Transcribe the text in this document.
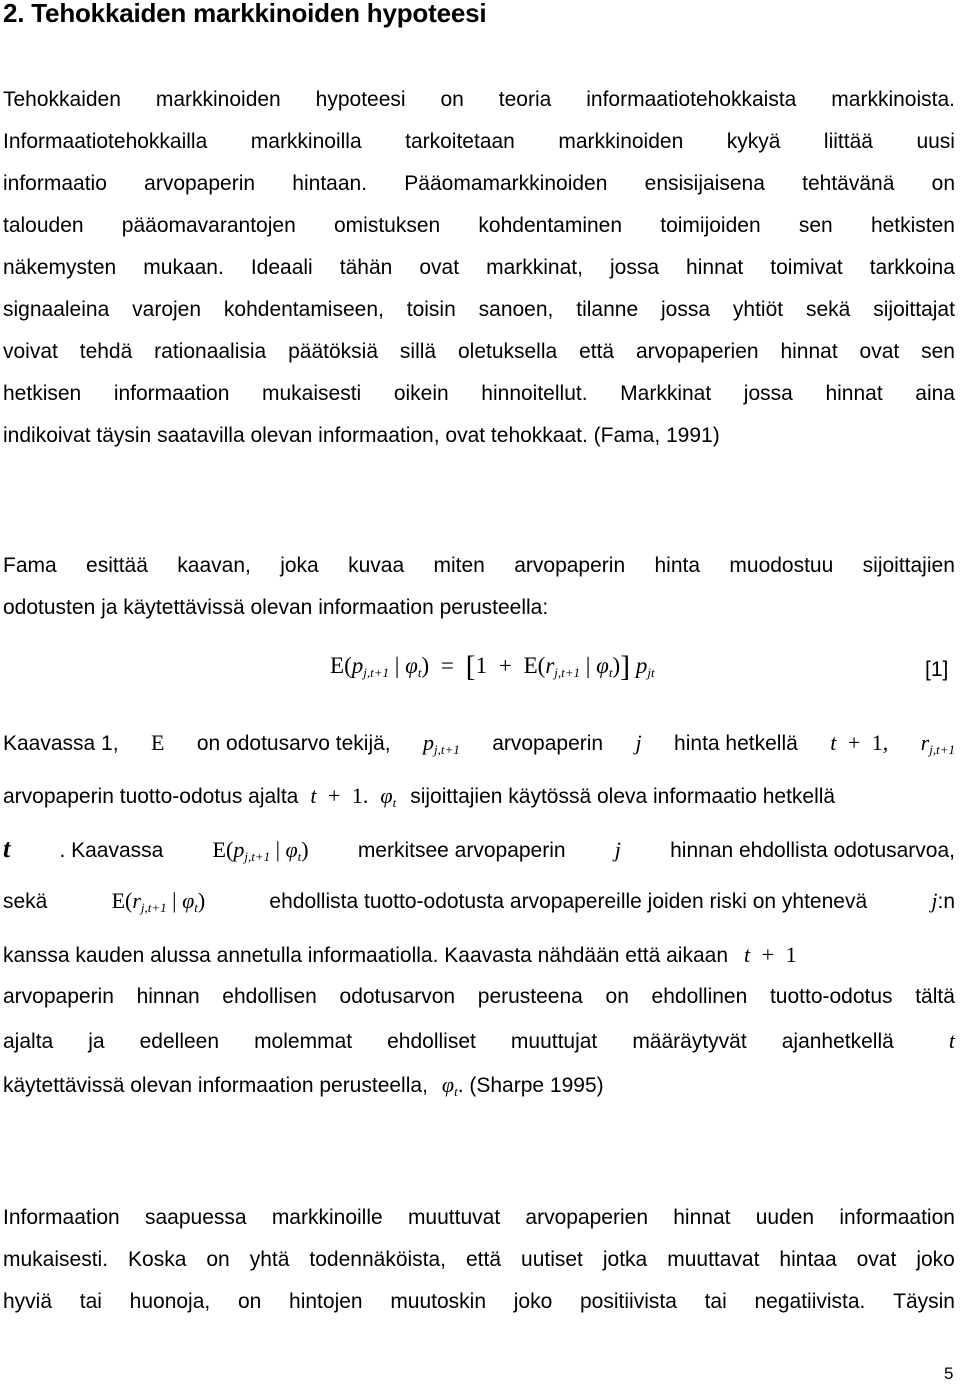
2. Tehokkaiden markkinoiden hypoteesi
Tehokkaiden markkinoiden hypoteesi on teoria informaatiotehokkaista markkinoista.
Informaatiotehokkailla markkinoilla tarkoitetaan markkinoiden kykyä liittää uusi
informaatio arvopaperin hintaan. Pääomamarkkinoiden ensisijaisena tehtävänä on
talouden pääomavarantojen omistuksen kohdentaminen toimijoiden sen hetkisten
näkemysten mukaan. Ideaali tähän ovat markkinat, jossa hinnat toimivat tarkkoina
signaaleina varojen kohdentamiseen, toisin sanoen, tilanne jossa yhtiöt sekä sijoittajat
voivat tehdä rationaalisia päätöksiä sillä oletuksella että arvopaperien hinnat ovat sen
hetkisen informaation mukaisesti oikein hinnoitellut. Markkinat jossa hinnat aina
indikoivat täysin saatavilla olevan informaation, ovat tehokkaat. (Fama, 1991)
Fama esittää kaavan, joka kuvaa miten arvopaperin hinta muodostuu sijoittajien
odotusten ja käytettävissä olevan informaation perusteella:
$E(p_{j,t+1}$ | $\varphi_t) = [1 + E(r_{j,t+1}$ | $\varphi_t$)] $p_{jt}$	[1]
Kaavassa 1, E on odotusarvo tekijä, $p_{j,t+1}$ arvopaperin j hinta hetkellä t + 1, $r_{j,t+1}$
arvopaperin tuotto-odotus ajalta t + 1. $\varphi_t$ sijoittajien käytössä oleva informaatio hetkellä
t . Kaavassa $E(p_{j,t+1}$ | $\varphi_t$) merkitsee arvopaperin j hinnan ehdollista odotusarvoa,
sekä	$E(r_{j,t+1}$ | $\varphi_t$)	ehdollista tuotto-odotusta arvopapereille joiden riski on yhtenevä	j :n
kanssa kauden alussa annetulla informaatiolla. Kaavasta nähdään että aikaan t + 1
arvopaperin hinnan ehdollisen odotusarvon perusteena on ehdollinen tuotto-odotus tältä
ajalta ja edelleen molemmat ehdolliset muuttujat määräytyvät ajanhetkellä	t
käytettävissä olevan informaation perusteella, $\varphi_t$ . (Sharpe 1995)
Informaation saapuessa markkinoille muuttuvat arvopaperien hinnat uuden informaation
mukaisesti. Koska on yhtä todennäköista, että uutiset jotka muuttavat hintaa ovat joko
hyviä tai huonoja, on hintojen muutoskin joko positiivista tai negatiivista. Täysin
5
